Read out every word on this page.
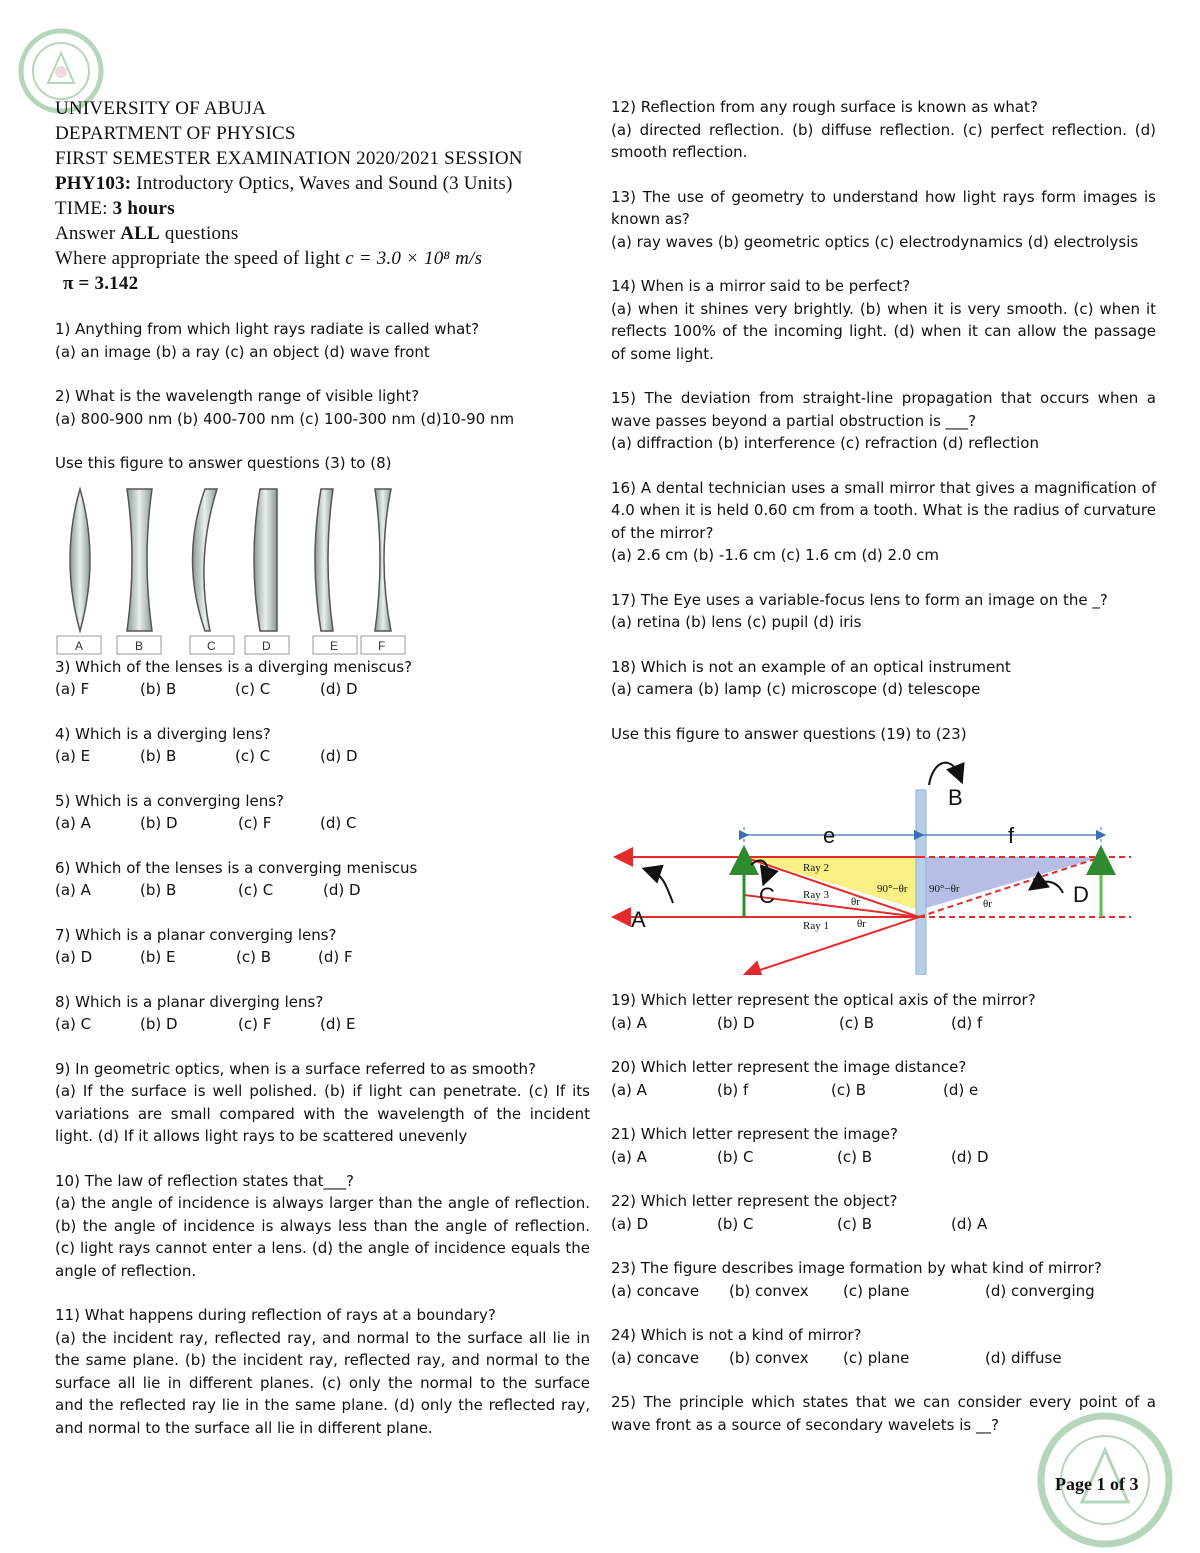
UNIVERSITY OF ABUJA
DEPARTMENT OF PHYSICS
FIRST SEMESTER EXAMINATION 2020/2021 SESSION
PHY103: Introductory Optics, Waves and Sound (3 Units)
TIME: 3 hours
Answer ALL questions
Where appropriate the speed of light c = 3.0 × 10⁸ m/s
π = 3.142
1) Anything from which light rays radiate is called what?
(a) an image (b) a ray (c) an object (d) wave front
2) What is the wavelength range of visible light?
(a) 800-900 nm (b) 400-700 nm (c) 100-300 nm (d)10-90 nm
Use this figure to answer questions (3) to (8)
A	B	C	D	E	F
3) Which of the lenses is a diverging meniscus?
(a) F	(b) B	(c) C	(d) D
4) Which is a diverging lens?
(a) E	(b) B	(c) C	(d) D
5) Which is a converging lens?
(a) A	(b) D	(c) F	(d) C
6) Which of the lenses is a converging meniscus
(a) A	(b) B	(c) C	(d) D
7) Which is a planar converging lens?
(a) D	(b) E	(c) B	(d) F
8) Which is a planar diverging lens?
(a) C	(b) D	(c) F	(d) E
9) In geometric optics, when is a surface referred to as smooth?
(a) If the surface is well polished. (b) if light can penetrate. (c) If its variations are small compared with the wavelength of the incident light. (d) If it allows light rays to be scattered unevenly
10) The law of reflection states that___?
(a) the angle of incidence is always larger than the angle of reflection. (b) the angle of incidence is always less than the angle of reflection. (c) light rays cannot enter a lens. (d) the angle of incidence equals the angle of reflection.
11) What happens during reflection of rays at a boundary?
(a) the incident ray, reflected ray, and normal to the surface all lie in the same plane. (b) the incident ray, reflected ray, and normal to the surface all lie in different planes. (c) only the normal to the surface and the reflected ray lie in the same plane. (d) only the reflected ray, and normal to the surface all lie in different plane.
12) Reflection from any rough surface is known as what?
(a) directed reflection. (b) diffuse reflection. (c) perfect reflection. (d) smooth reflection.
13) The use of geometry to understand how light rays form images is known as?
(a) ray waves (b) geometric optics (c) electrodynamics (d) electrolysis
14) When is a mirror said to be perfect?
(a) when it shines very brightly. (b) when it is very smooth. (c) when it reflects 100% of the incoming light. (d) when it can allow the passage of some light.
15) The deviation from straight-line propagation that occurs when a wave passes beyond a partial obstruction is ___?
(a) diffraction (b) interference (c) refraction (d) reflection
16) A dental technician uses a small mirror that gives a magnification of 4.0 when it is held 0.60 cm from a tooth. What is the radius of curvature of the mirror?
(a) 2.6 cm (b) -1.6 cm (c) 1.6 cm (d) 2.0 cm
17) The Eye uses a variable-focus lens to form an image on the _?
(a) retina (b) lens (c) pupil (d) iris
18) Which is not an example of an optical instrument
(a) camera (b) lamp (c) microscope (d) telescope
Use this figure to answer questions (19) to (23)
e	f
Ray 2
Ray 3
Ray 1
90°−θr 90°−θr
θr
θr
θr
A
B
C	D
19) Which letter represent the optical axis of the mirror?
(a) A	(b) D	(c) B	(d) f
20) Which letter represent the image distance?
(a) A	(b) f	(c) B	(d) e
21) Which letter represent the image?
(a) A	(b) C	(c) B	(d) D
22) Which letter represent the object?
(a) D	(b) C	(c) B	(d) A
23) The figure describes image formation by what kind of mirror?
(a) concave	(b) convex	(c) plane	(d) converging
24) Which is not a kind of mirror?
(a) concave	(b) convex	(c) plane	(d) diffuse
25) The principle which states that we can consider every point of a wave front as a source of secondary wavelets is __?
Page 1 of 3
